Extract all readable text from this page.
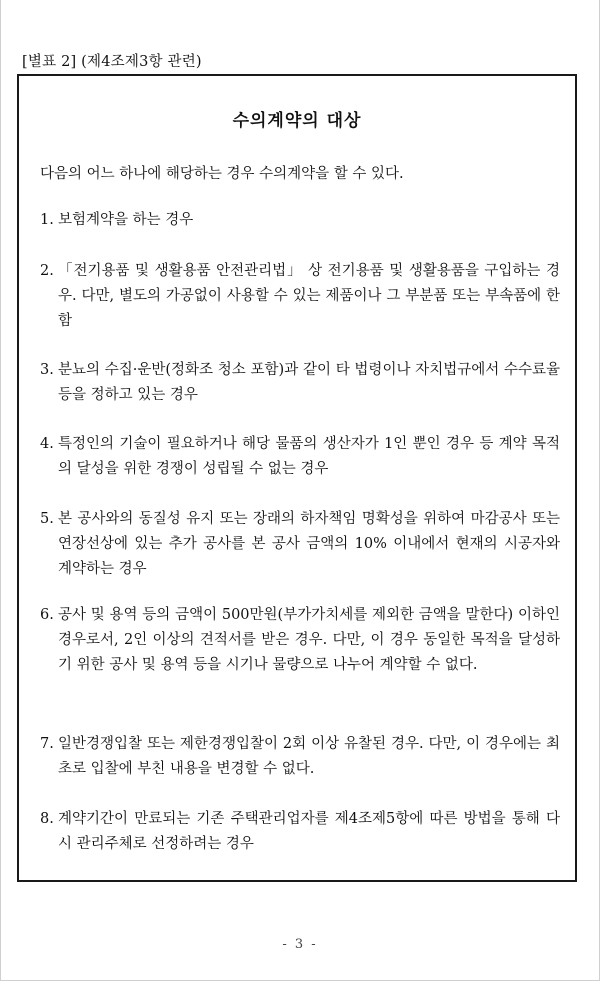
[별표 2] (제4조제3항 관련)
수의계약의 대상
다음의 어느 하나에 해당하는 경우 수의계약을 할 수 있다.
1. 보험계약을 하는 경우
2. 「전기용품 및 생활용품 안전관리법」 상 전기용품 및 생활용품을 구입하는 경우. 다만, 별도의 가공없이 사용할 수 있는 제품이나 그 부분품 또는 부속품에 한함
3. 분뇨의 수집·운반(정화조 청소 포함)과 같이 타 법령이나 자치법규에서 수수료율 등을 정하고 있는 경우
4. 특정인의 기술이 필요하거나 해당 물품의 생산자가 1인 뿐인 경우 등 계약 목적의 달성을 위한 경쟁이 성립될 수 없는 경우
5. 본 공사와의 동질성 유지 또는 장래의 하자책임 명확성을 위하여 마감공사 또는 연장선상에 있는 추가 공사를 본 공사 금액의 10% 이내에서 현재의 시공자와 계약하는 경우
6. 공사 및 용역 등의 금액이 500만원(부가가치세를 제외한 금액을 말한다) 이하인 경우로서, 2인 이상의 견적서를 받은 경우. 다만, 이 경우 동일한 목적을 달성하기 위한 공사 및 용역 등을 시기나 물량으로 나누어 계약할 수 없다.
7. 일반경쟁입찰 또는 제한경쟁입찰이 2회 이상 유찰된 경우. 다만, 이 경우에는 최초로 입찰에 부친 내용을 변경할 수 없다.
8. 계약기간이 만료되는 기존 주택관리업자를 제4조제5항에 따른 방법을 통해 다시 관리주체로 선정하려는 경우
- 3 -
